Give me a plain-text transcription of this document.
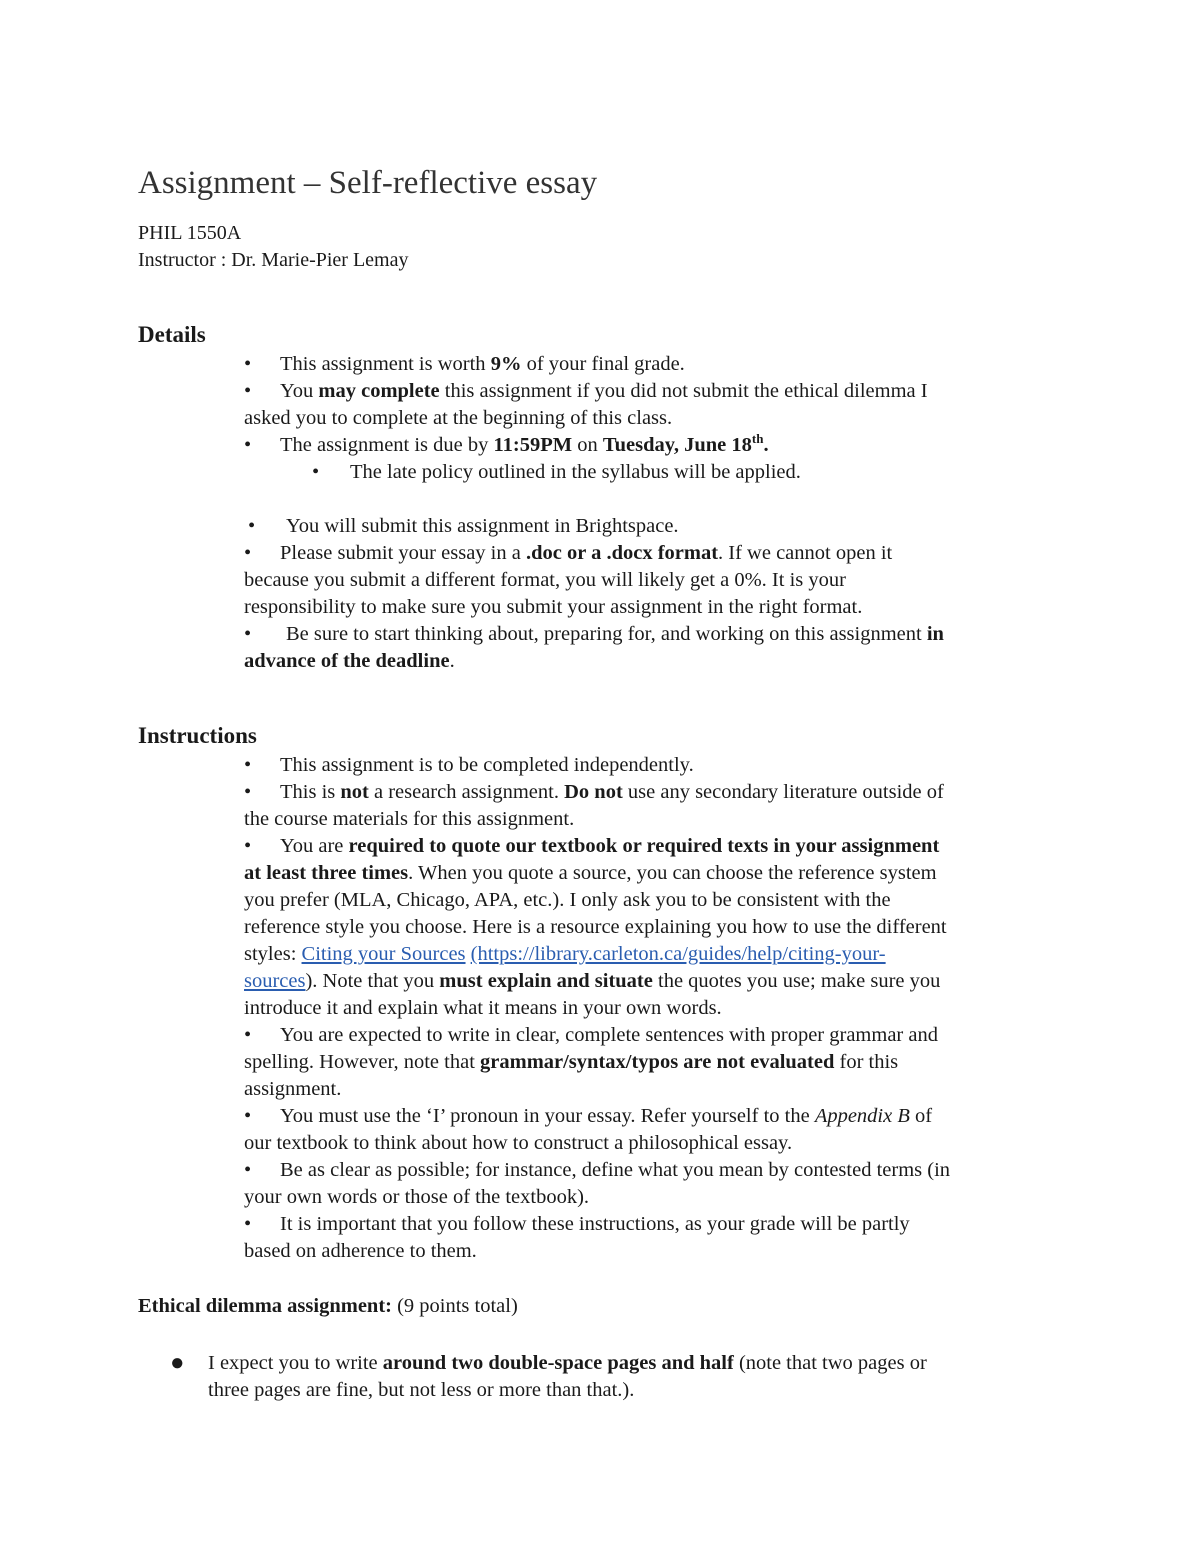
Assignment – Self-reflective essay
PHIL 1550A
Instructor : Dr. Marie-Pier Lemay
Details
•	This assignment is worth 9% of your final grade.
•	You may complete this assignment if you did not submit the ethical dilemma I
asked you to complete at the beginning of this class.
•	The assignment is due by 11:59PM on Tuesday, June 18th.
•	The late policy outlined in the syllabus will be applied.
•	You will submit this assignment in Brightspace.
•	Please submit your essay in a .doc or a .docx format. If we cannot open it
because you submit a different format, you will likely get a 0%. It is your
responsibility to make sure you submit your assignment in the right format.
•	Be sure to start thinking about, preparing for, and working on this assignment in
advance of the deadline.
Instructions
•	This assignment is to be completed independently.
•	This is not a research assignment. Do not use any secondary literature outside of
the course materials for this assignment.
•	You are required to quote our textbook or required texts in your assignment
at least three times. When you quote a source, you can choose the reference system
you prefer (MLA, Chicago, APA, etc.). I only ask you to be consistent with the
reference style you choose. Here is a resource explaining you how to use the different
styles: Citing your Sources (https://library.carleton.ca/guides/help/citing-your-
sources). Note that you must explain and situate the quotes you use; make sure you
introduce it and explain what it means in your own words.
•	You are expected to write in clear, complete sentences with proper grammar and
spelling. However, note that grammar/syntax/typos are not evaluated for this
assignment.
•	You must use the ‘I’ pronoun in your essay. Refer yourself to the Appendix B of
our textbook to think about how to construct a philosophical essay.
•	Be as clear as possible; for instance, define what you mean by contested terms (in
your own words or those of the textbook).
•	It is important that you follow these instructions, as your grade will be partly
based on adherence to them.
Ethical dilemma assignment: (9 points total)
●	I expect you to write around two double-space pages and half (note that two pages or
three pages are fine, but not less or more than that.).
